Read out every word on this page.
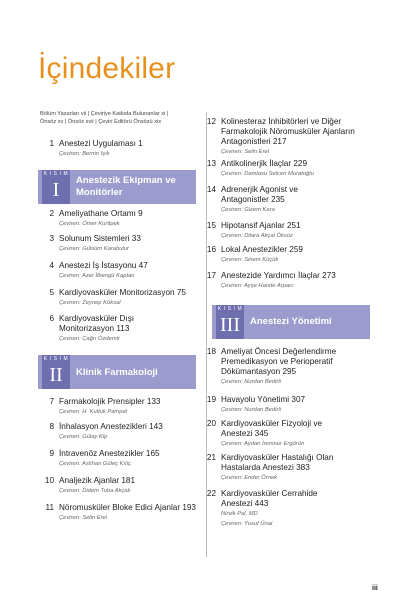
İçindekiler
Bölüm Yazarları vii | Çeviriye Katkıda Bulunanlar xi |
Önsöz xv | Önsöz xvii | Çeviri Editörü Önsözü xix
1 Anestezi Uygulaması 1
Çeviren: Bernin Işık
K I S I M
I	Anestezik Ekipman ve
Monitörler
2 Ameliyathane Ortamı 9
Çeviren: Ömer Kurtipek
3 Solunum Sistemleri 33
Çeviren: Gülsüm Karabulut
4 Anestezi İş İstasyonu 47
Çeviren: Azer İlbengü Kaptan
5 Kardiyovasküler Monitorizasyon 75
Çeviren: Zeynep Köksal
6 Kardiyovasküler Dışı
Monitorizasyon 113
Çeviren: Çağrı Özdemir
K I S I M
II	Klinik Farmakoloji
7 Farmakolojik Prensipler 133
Çeviren: H. Kutluk Pampal
8 İnhalasyon Anestezikleri 143
Çeviren: Gülay Kip
9 İntravenöz Anestezikler 165
Çeviren: Aslıhan Güleç Kılıç
10 Analjezik Ajanlar 181
Çeviren: Didem Tuba Akçalı
11 Nöromusküler Bloke Edici Ajanlar 193
Çeviren: Selin Erel
12 Kolinesteraz İnhibitörleri ve Diğer
Farmakolojik Nöromusküler Ajanların
Antagonistleri 217
Çeviren: Selin Erel
13 Antikolinerjik İlaçlar 229
Çeviren: Damlasu Selcen Muratoğlu
14 Adrenerjik Agonist ve
Antagonistler 235
Çeviren: Gizem Kara
15 Hipotansif Ajanlar 251
Çeviren: Dilara Akçal Öksüz
16 Lokal Anestezikler 259
Çeviren: Sinem Küçük
17 Anestezide Yardımcı İlaçlar 273
Çeviren: Ayşe Hande Arpacı
K I S I M
III	Anestezi Yönetimi
18 Ameliyat Öncesi Değerlendirme
Premedikasyon ve Perioperatif
Dökümantasyon 295
Çeviren: Nurdan Bedirli
19 Havayolu Yönetimi 307
Çeviren: Nurdan Bedirli
20 Kardiyovasküler Fizyoloji ve
Anestezi 345
Çeviren: Aydan İremnur Ergörün
21 Kardiyovasküler Hastalığı Olan
Hastalarda Anestezi 383
Çeviren: Ender Örnek
22 Kardiyovasküler Cerrahide
Anestezi 443
Nirvik Pal, MD
Çeviren: Yusuf Ünal
iii
